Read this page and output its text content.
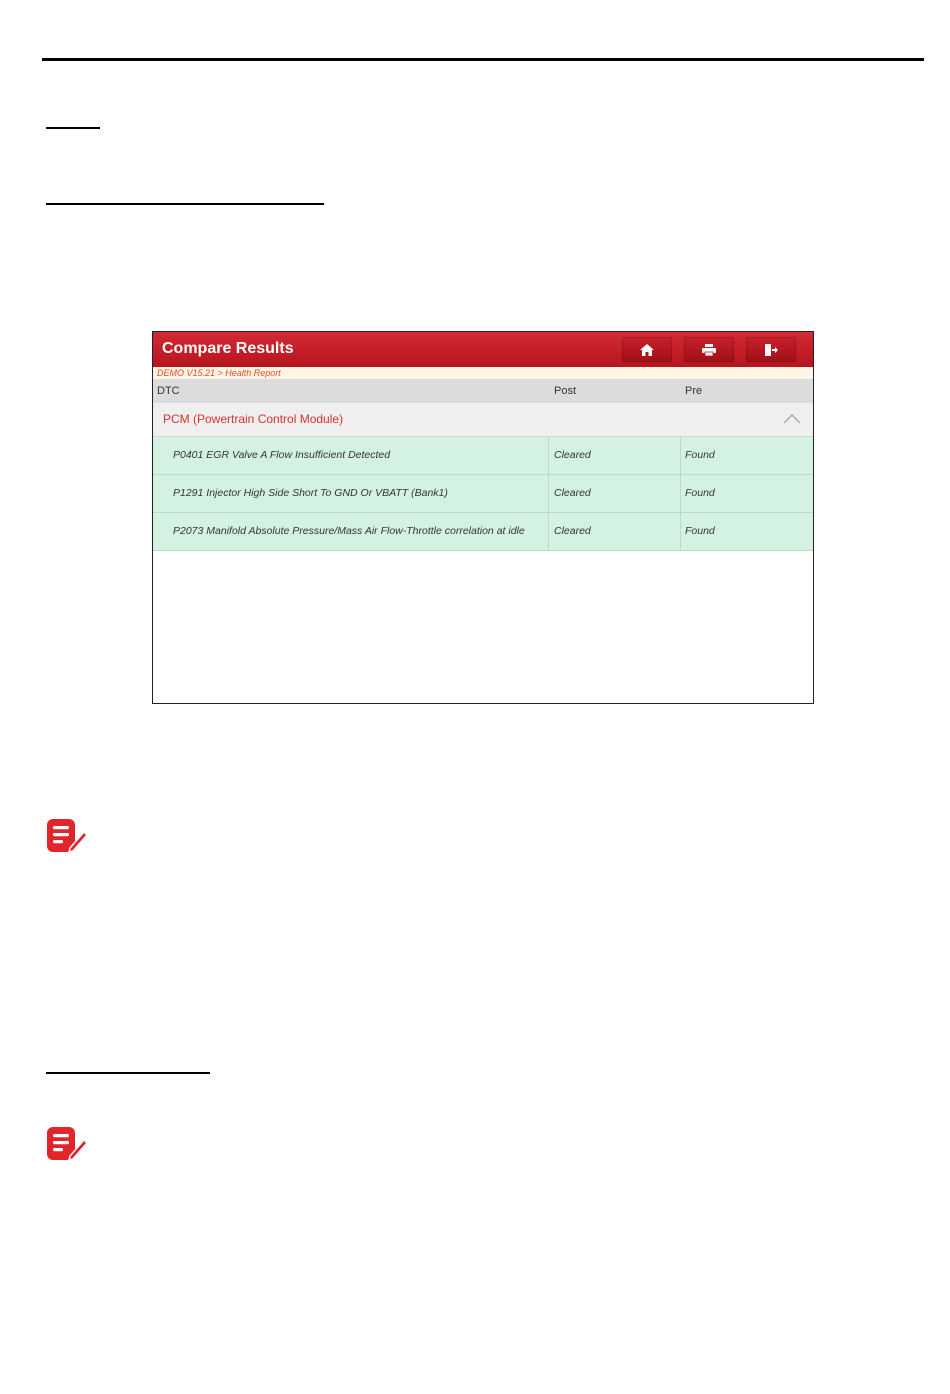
Compare Results
DEMO V15.21 > Health Report
DTC	Post	Pre
PCM (Powertrain Control Module)
P0401 EGR Valve A Flow Insufficient Detected	Cleared	Found
P1291 Injector High Side Short To GND Or VBATT (Bank1)	Cleared	Found
P2073 Manifold Absolute Pressure/Mass Air Flow-Throttle correlation at idle	Cleared	Found
